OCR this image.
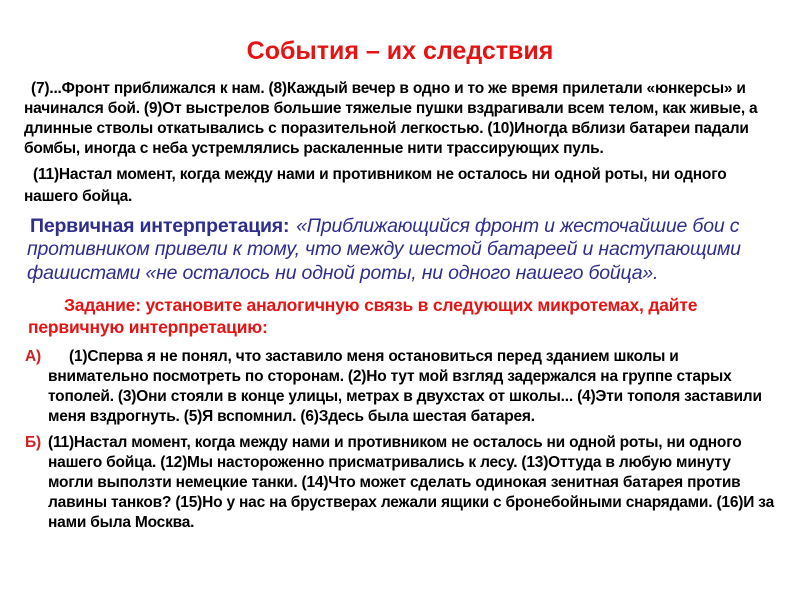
События – их следствия

(7)...Фронт приближался к нам. (8)Каждый вечер в одно и то же время прилетали «юнкерсы» и начинался бой. (9)От выстрелов большие тяжелые пушки вздрагивали всем телом, как живые, а длинные стволы откатывались с поразительной легкостью. (10)Иногда вблизи батареи падали бомбы, иногда с неба устремлялись раскаленные нити трассирующих пуль.

(11)Настал момент, когда между нами и противником не осталось ни одной роты, ни одного нашего бойца.

Первичная интерпретация: «Приближающийся фронт и жесточайшие бои с противником привели к тому, что между шестой батареей и наступающими фашистами «не осталось ни одной роты, ни одного нашего бойца».

Задание: установите аналогичную связь в следующих микротемах, дайте первичную интерпретацию:

А)	(1)Сперва я не понял, что заставило меня остановиться перед зданием школы и внимательно посмотреть по сторонам. (2)Но тут мой взгляд задержался на группе старых тополей. (3)Они стояли в конце улицы, метрах в двухстах от школы... (4)Эти тополя заставили меня вздрогнуть. (5)Я вспомнил. (6)Здесь была шестая батарея.
Б) (11)Настал момент, когда между нами и противником не осталось ни одной роты, ни одного нашего бойца. (12)Мы настороженно присматривались к лесу. (13)Оттуда в любую минуту могли выползти немецкие танки. (14)Что может сделать одинокая зенитная батарея против лавины танков? (15)Но у нас на брустверах лежали ящики с бронебойными снарядами. (16)И за нами была Москва.
